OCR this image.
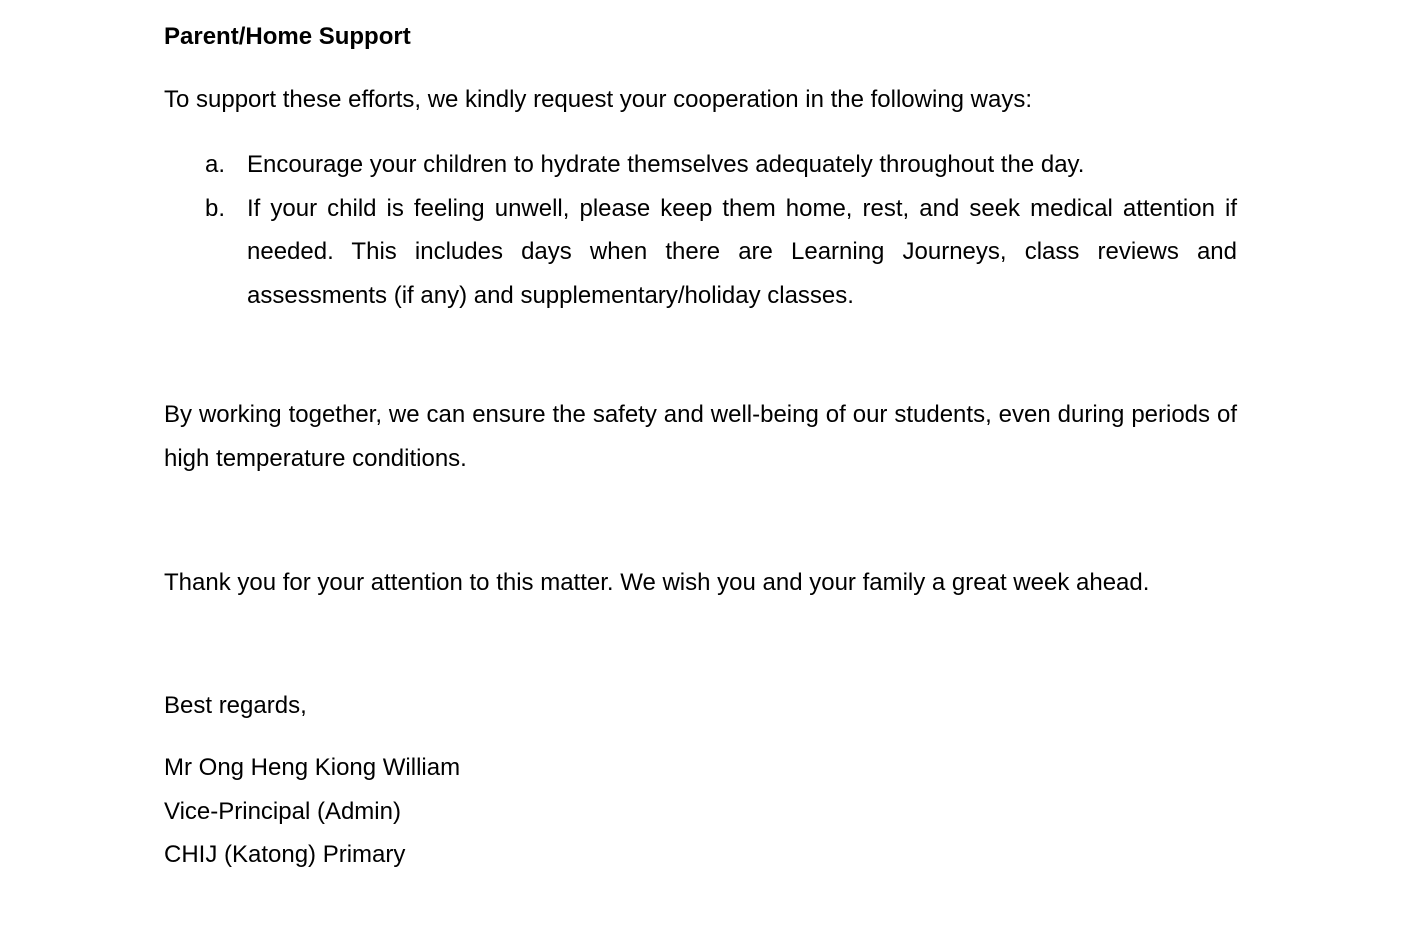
Parent/Home Support
To support these efforts, we kindly request your cooperation in the following ways:
a. Encourage your children to hydrate themselves adequately throughout the day.
b. If your child is feeling unwell, please keep them home, rest, and seek medical attention if needed. This includes days when there are Learning Journeys, class reviews and assessments (if any) and supplementary/holiday classes.

By working together, we can ensure the safety and well-being of our students, even during periods of high temperature conditions.

Thank you for your attention to this matter. We wish you and your family a great week ahead.

Best regards,
Mr Ong Heng Kiong William
Vice-Principal (Admin)
CHIJ (Katong) Primary
